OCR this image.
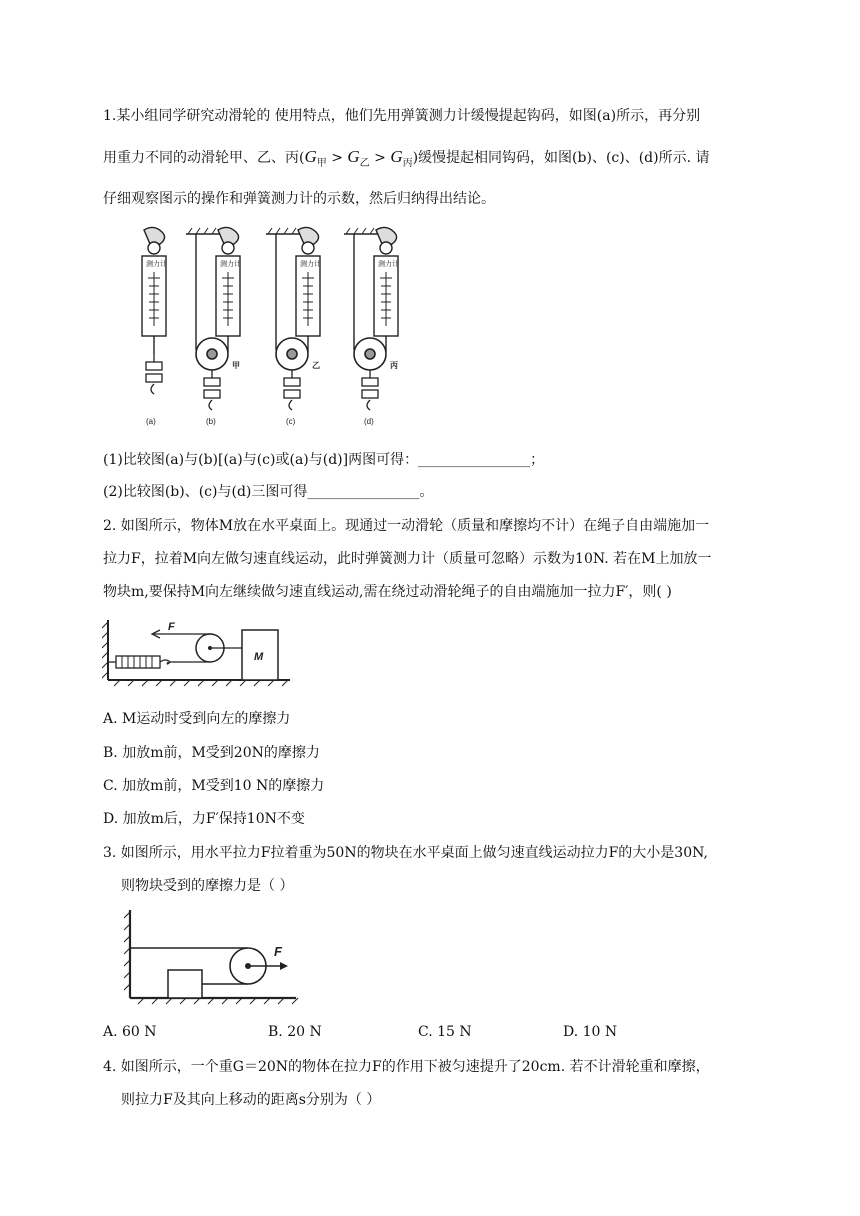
1.某小组同学研究动滑轮的 使用特点，他们先用弹簧测力计缓慢提起钩码，如图(a)所示，再分别
用重力不同的动滑轮甲、乙、丙$(G_甲 > G_乙 > G_丙)$缓慢提起相同钩码，如图(b)、(c)、(d)所示. 请
仔细观察图示的操作和弹簧测力计的示数，然后归纳得出结论。
测力计	测力计	测力计	测力计
甲	乙	丙
(a)	(b)	(c)	(d)
(1)比较图(a)与(b)[(a)与(c)或(a)与(d)]两图可得：________________；
(2)比较图(b)、(c)与(d)三图可得________________。
2. 如图所示，物体M放在水平桌面上。现通过一动滑轮（质量和摩擦均不计）在绳子自由端施加一
拉力F，拉着M向左做匀速直线运动，此时弹簧测力计（质量可忽略）示数为10N. 若在M上加放一
物块m,要保持M向左继续做匀速直线运动,需在绕过动滑轮绳子的自由端施加一拉力F′，则( )
F
M
A. M运动时受到向左的摩擦力
B. 加放m前，M受到20N的摩擦力
C. 加放m前，M受到10 N的摩擦力
D. 加放m后，力F′保持10N不变
3. 如图所示，用水平拉力F拉着重为50N的物块在水平桌面上做匀速直线运动拉力F的大小是30N,
则物块受到的摩擦力是（ ）
F
A. 60 N	B. 20 N	C. 15 N	D. 10 N
4. 如图所示，一个重G＝20N的物体在拉力F的作用下被匀速提升了20cm. 若不计滑轮重和摩擦，
则拉力F及其向上移动的距离s分别为（ ）
